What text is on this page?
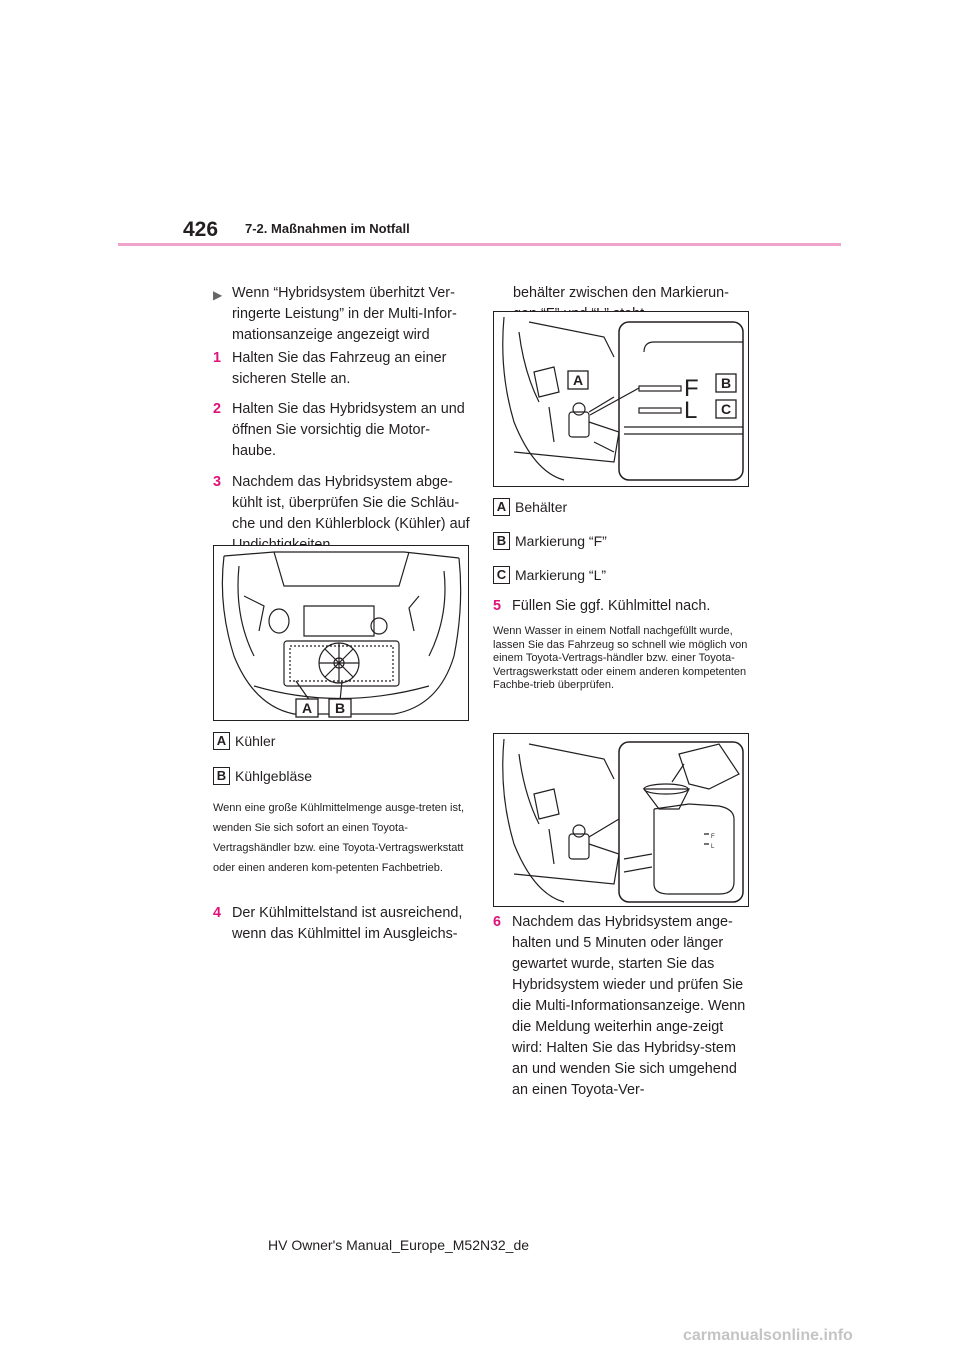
426 7-2. Maßnahmen im Notfall
▶ Wenn “Hybridsystem überhitzt Ver-ringerte Leistung” in der Multi-Infor-mationsanzeige angezeigt wird
1 Halten Sie das Fahrzeug an einer sicheren Stelle an.
2 Halten Sie das Hybridsystem an und öffnen Sie vorsichtig die Motor-haube.
3 Nachdem das Hybridsystem abge-kühlt ist, überprüfen Sie die Schläu-che und den Kühlerblock (Kühler) auf
A B
A Kühler
B Kühlgebläse
Wenn eine große Kühlmittelmenge ausge-treten ist, wenden Sie sich sofort an einen Toyota-Vertragshändler bzw. eine Toyota-Vertragswerkstatt oder einen anderen kom-petenten Fachbetrieb.
4 Der Kühlmittelstand ist ausreichend, wenn das Kühlmittel im Ausgleichs-
behälter zwischen den Markierun-
F
L
B
C
A
A Behälter
B Markierung “F”
C Markierung “L”
5 Füllen Sie ggf. Kühlmittel nach.
Wenn Wasser in einem Notfall nachgefüllt wurde, lassen Sie das Fahrzeug so schnell wie möglich von einem Toyota-Vertrags-händler bzw. einer Toyota-Vertragswerkstatt oder einem anderen kompetenten Fachbe-trieb überprüfen.
F
L
6 Nachdem das Hybridsystem ange-halten und 5 Minuten oder länger gewartet wurde, starten Sie das Hybridsystem wieder und prüfen Sie die Multi-Informationsanzeige. Wenn die Meldung weiterhin ange-zeigt wird: Halten Sie das Hybridsy-stem an und wenden Sie sich umgehend an einen Toyota-Ver-
HV Owner's Manual_Europe_M52N32_de
carmanualsonline.info
